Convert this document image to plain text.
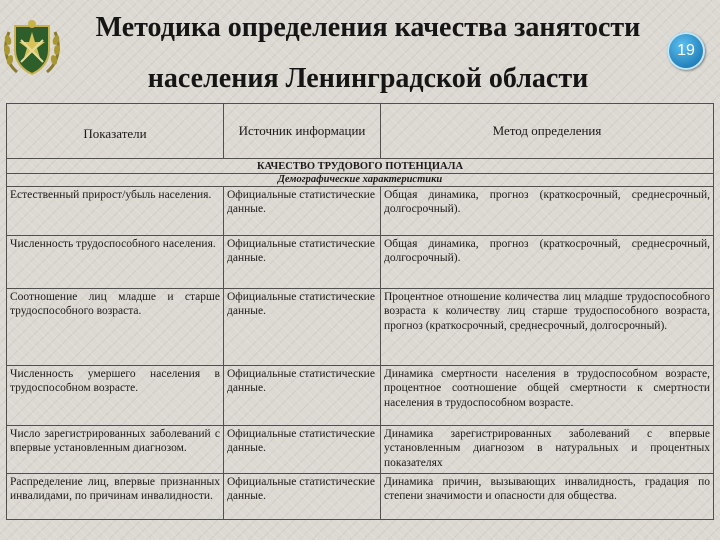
Методика определения качества занятости
населения Ленинградской области
19
Показатели	Источник информации	Метод определения
КАЧЕСТВО ТРУДОВОГО ПОТЕНЦИАЛА		
Демографические характеристики		
Естественный прирост/убыль населения.	Официальные статистические данные.	Общая динамика, прогноз (краткосрочный, среднесрочный, долгосрочный).
Численность трудоспособного населения.	Официальные статистические данные.	Общая динамика, прогноз (краткосрочный, среднесрочный, долгосрочный).
Соотношение лиц младше и старше трудоспособного возраста.	Официальные статистические данные.	Процентное отношение количества лиц младше трудоспособного возраста к количеству лиц старше трудоспособного возраста, прогноз (краткосрочный, среднесрочный, долгосрочный).
Численность умершего населения в трудоспособном возрасте.	Официальные статистические данные.	Динамика смертности населения в трудоспособном возрасте, процентное соотношение общей смертности к смертности населения в трудоспособном возрасте.
Число зарегистрированных заболеваний с впервые установленным диагнозом.	Официальные статистические данные.	Динамика зарегистрированных заболеваний с впервые установленным диагнозом в натуральных и процентных показателях
Распределение лиц, впервые признанных инвалидами, по причинам инвалидности.	Официальные статистические данные.	Динамика причин, вызывающих инвалидность, градация по степени значимости и опасности для общества.
